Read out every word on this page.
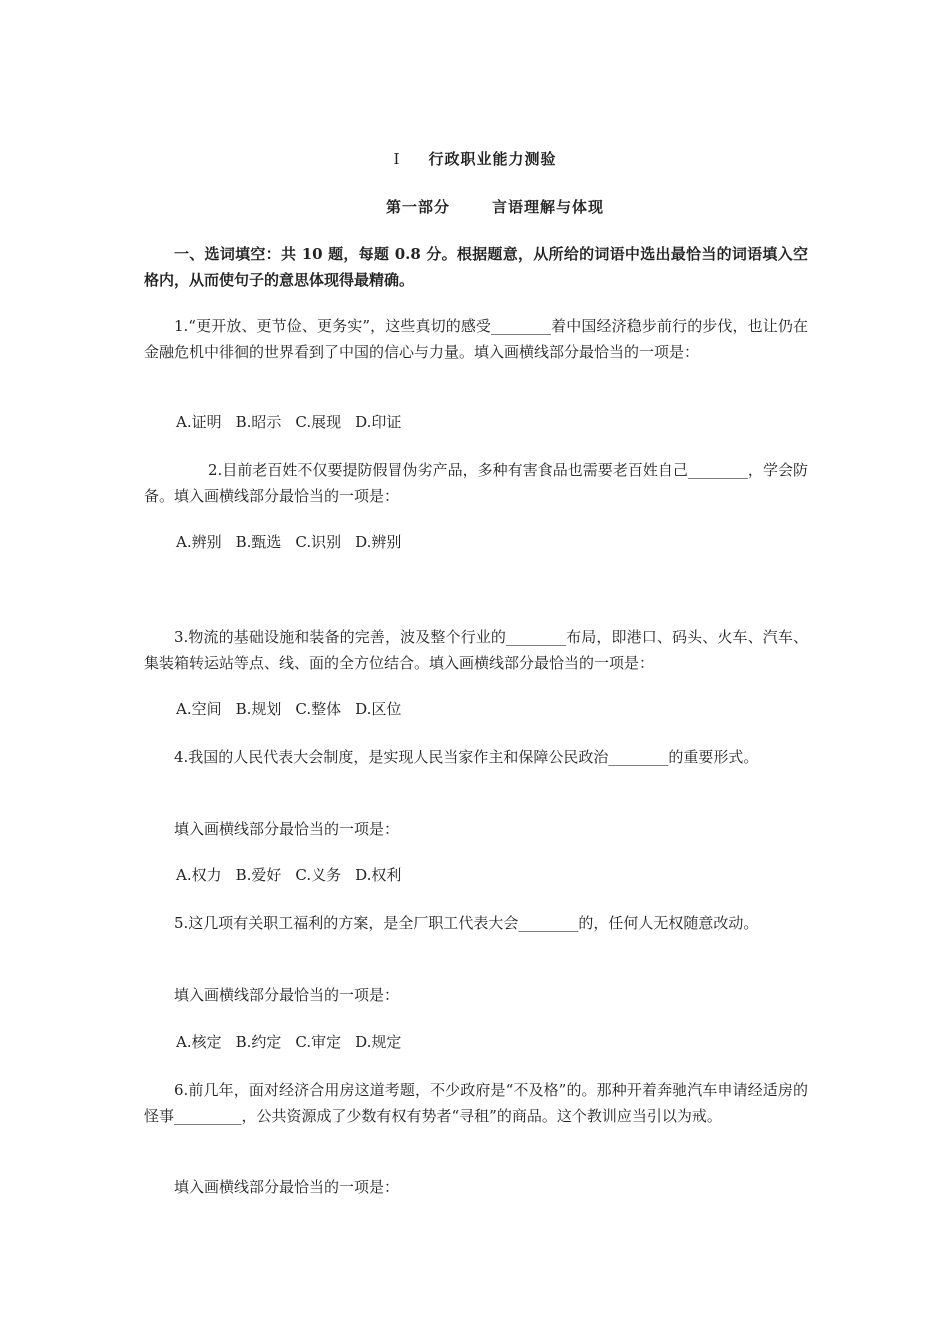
I 行政职业能力测验
第一部分	言语理解与体现
一、选词填空：共 10 题，每题 0.8 分。根据题意，从所给的词语中选出最恰当的词语填入空格内，从而使句子的意思体现得最精确。
1.“更开放、更节俭、更务实”，这些真切的感受________着中国经济稳步前行的步伐，也让仍在金融危机中徘徊的世界看到了中国的信心与力量。填入画横线部分最恰当的一项是：
A.证明 B.昭示 C.展现 D.印证
2.目前老百姓不仅要提防假冒伪劣产品，多种有害食品也需要老百姓自己________，学会防备。填入画横线部分最恰当的一项是：
A.辨别 B.甄选 C.识别 D.辨别
3.物流的基础设施和装备的完善，波及整个行业的________布局，即港口、码头、火车、汽车、集装箱转运站等点、线、面的全方位结合。填入画横线部分最恰当的一项是：
A.空间 B.规划 C.整体 D.区位
4.我国的人民代表大会制度，是实现人民当家作主和保障公民政治________的重要形式。
填入画横线部分最恰当的一项是：
A.权力 B.爱好 C.义务 D.权利
5.这几项有关职工福利的方案，是全厂职工代表大会________的，任何人无权随意改动。
填入画横线部分最恰当的一项是：
A.核定 B.约定 C.审定 D.规定
6.前几年，面对经济合用房这道考题，不少政府是“不及格”的。那种开着奔驰汽车申请经适房的怪事_________，公共资源成了少数有权有势者“寻租”的商品。这个教训应当引以为戒。
填入画横线部分最恰当的一项是：
